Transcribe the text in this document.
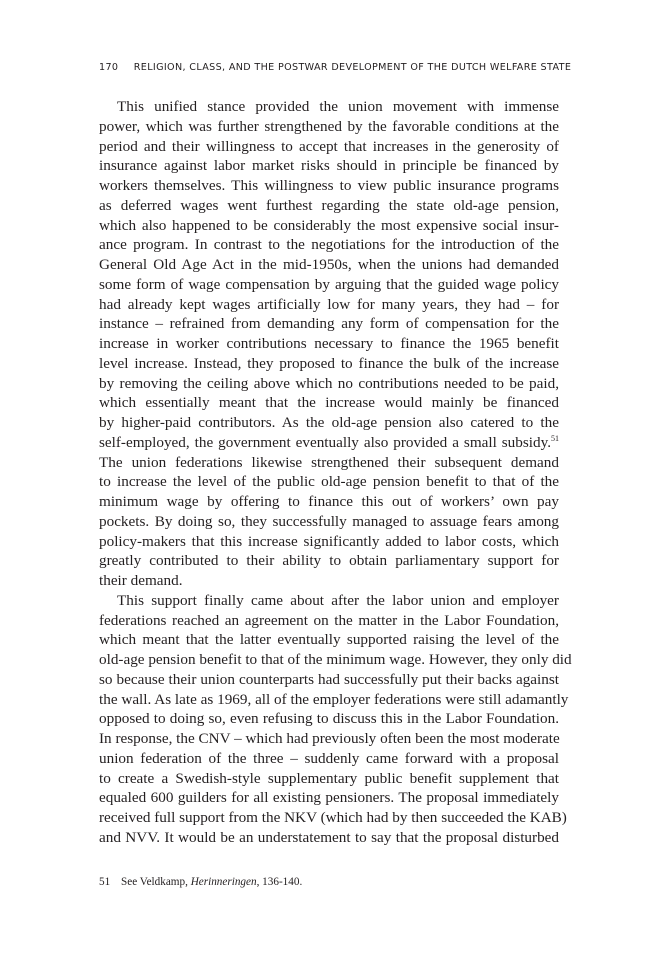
170 RELIGION, CLASS, AND THE POSTWAR DEVELOPMENT OF THE DUTCH WELFARE STATE
This unified stance provided the union movement with immense
power, which was further strengthened by the favorable conditions at the
period and their willingness to accept that increases in the generosity of
insurance against labor market risks should in principle be financed by
workers themselves. This willingness to view public insurance programs
as deferred wages went furthest regarding the state old-age pension,
which also happened to be considerably the most expensive social insur-
ance program. In contrast to the negotiations for the introduction of the
General Old Age Act in the mid-1950s, when the unions had demanded
some form of wage compensation by arguing that the guided wage policy
had already kept wages artificially low for many years, they had – for
instance – refrained from demanding any form of compensation for the
increase in worker contributions necessary to finance the 1965 benefit
level increase. Instead, they proposed to finance the bulk of the increase
by removing the ceiling above which no contributions needed to be paid,
which essentially meant that the increase would mainly be financed
by higher-paid contributors. As the old-age pension also catered to the
self-employed, the government eventually also provided a small subsidy.$^{51}$
The union federations likewise strengthened their subsequent demand
to increase the level of the public old-age pension benefit to that of the
minimum wage by offering to finance this out of workers’ own pay
pockets. By doing so, they successfully managed to assuage fears among
policy-makers that this increase significantly added to labor costs, which
greatly contributed to their ability to obtain parliamentary support for
their demand.
This support finally came about after the labor union and employer
federations reached an agreement on the matter in the Labor Foundation,
which meant that the latter eventually supported raising the level of the
old-age pension benefit to that of the minimum wage. However, they only did
so because their union counterparts had successfully put their backs against
the wall. As late as 1969, all of the employer federations were still adamantly
opposed to doing so, even refusing to discuss this in the Labor Foundation.
In response, the CNV – which had previously often been the most moderate
union federation of the three – suddenly came forward with a proposal
to create a Swedish-style supplementary public benefit supplement that
equaled 600 guilders for all existing pensioners. The proposal immediately
received full support from the NKV (which had by then succeeded the KAB)
and NVV. It would be an understatement to say that the proposal disturbed
51 See Veldkamp, Herinneringen, 136-140.
